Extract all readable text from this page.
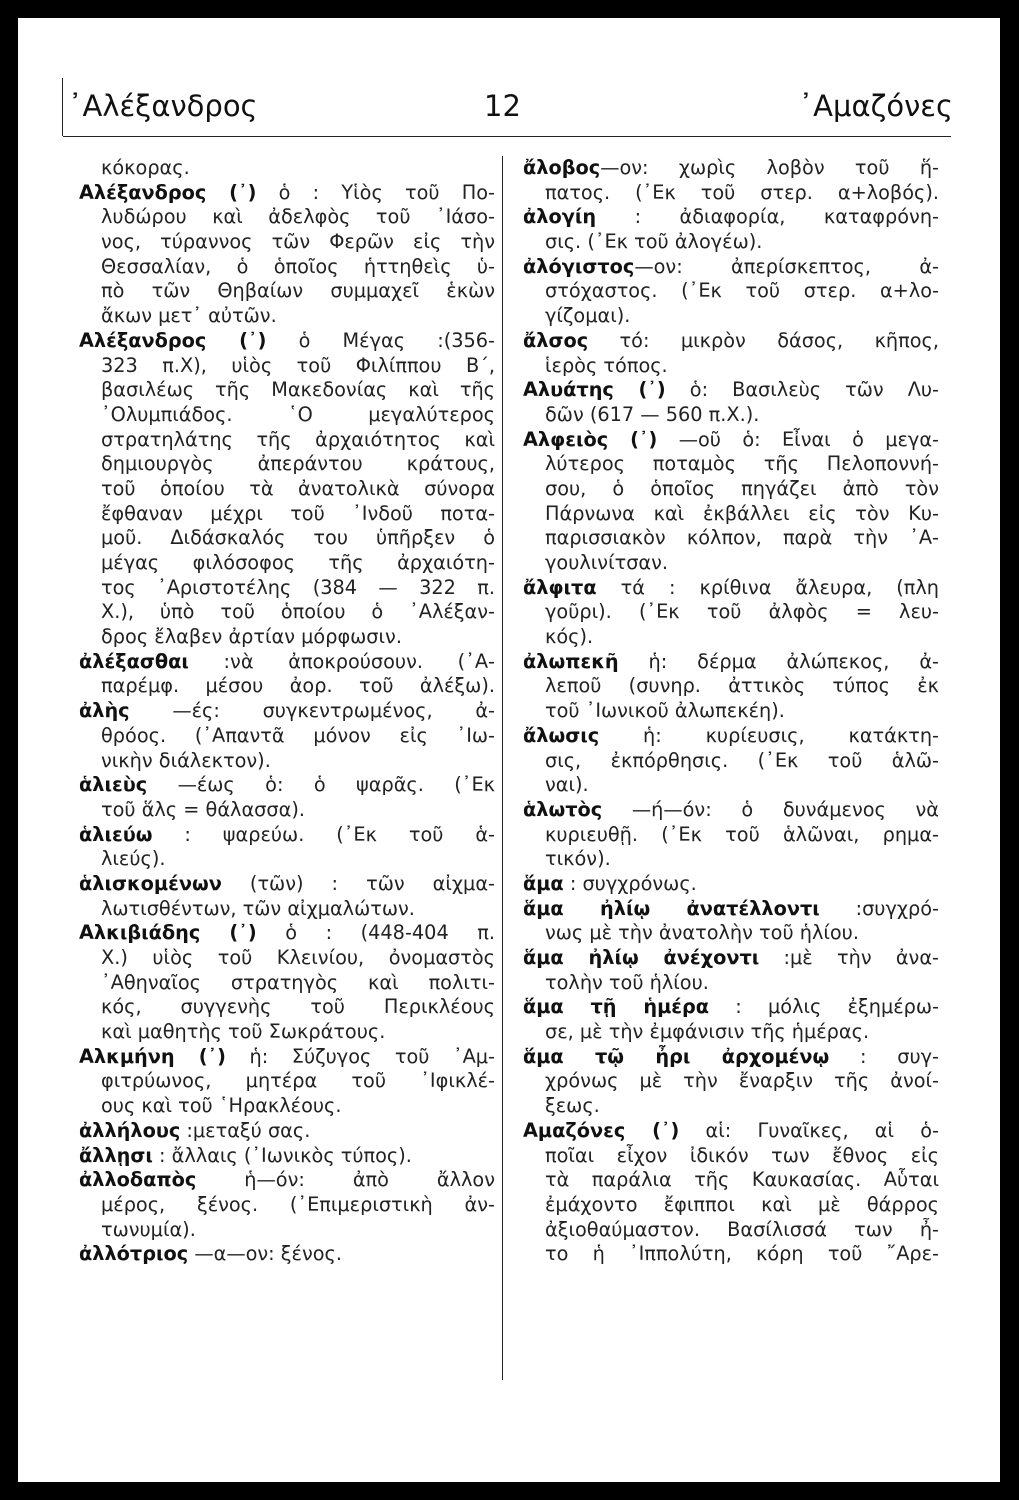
᾿Αλέξανδρος	12	᾿Αμαζόνες
κόκορας.
Αλέξανδρος (᾿) ὁ : Υἱὸς τοῦ Πο-
λυδώρου καὶ ἀδελφὸς τοῦ ᾿Ιάσο-
νος, τύραννος τῶν Φερῶν εἰς τὴν
Θεσσαλίαν, ὁ ὁποῖος ἡττηθεὶς ὑ-
πὸ τῶν Θηβαίων συμμαχεῖ ἑκὼν
ἄκων μετ᾿ αὐτῶν.
Αλέξανδρος (᾿) ὁ Μέγας :(356-
323 π.Χ), υἱὸς τοῦ Φιλίππου Β΄,
βασιλέως τῆς Μακεδονίας καὶ τῆς
᾿Ολυμπιάδος. ῾Ο μεγαλύτερος
στρατηλάτης τῆς ἀρχαιότητος καὶ
δημιουργὸς ἀπεράντου κράτους,
τοῦ ὁποίου τὰ ἀνατολικὰ σύνορα
ἔφθαναν μέχρι τοῦ ᾿Ινδοῦ ποτα-
μοῦ. Διδάσκαλός του ὑπῆρξεν ὁ
μέγας φιλόσοφος τῆς ἀρχαιότη-
τος ᾿Αριστοτέλης (384 — 322 π.
Χ.), ὑπὸ τοῦ ὁποίου ὁ ᾿Αλέξαν-
δρος ἔλαβεν ἀρτίαν μόρφωσιν.
ἀλέξασθαι :νὰ ἀποκρούσουν. (᾿Α-
παρέμφ. μέσου ἀορ. τοῦ ἀλέξω).
ἀλὴς —ές: συγκεντρωμένος, ἀ-
θρόος. (᾿Απαντᾶ μόνον εἰς ᾿Ιω-
νικὴν διάλεκτον).
ἁλιεὺς —έως ὁ: ὁ ψαρᾶς. (᾿Εκ
τοῦ ἅλς = θάλασσα).
ἁλιεύω : ψαρεύω. (᾿Εκ τοῦ ἁ-
λιεύς).
ἁλισκομένων (τῶν) : τῶν αἰχμα-
λωτισθέντων, τῶν αἰχμαλώτων.
Αλκιβιάδης (᾿) ὁ : (448-404 π.
Χ.) υἱὸς τοῦ Κλεινίου, ὀνομαστὸς
᾿Αθηναῖος στρατηγὸς καὶ πολιτι-
κός, συγγενὴς τοῦ Περικλέους
καὶ μαθητὴς τοῦ Σωκράτους.
Αλκμήνη (᾿) ἡ: Σύζυγος τοῦ ᾿Αμ-
φιτρύωνος, μητέρα τοῦ ᾿Ιφικλέ-
ους καὶ τοῦ ῾Ηρακλέους.
ἀλλήλους :μεταξύ σας.
ἄλλῃσι : ἄλλαις (᾿Ιωνικὸς τύπος).
ἀλλοδαπὸς ἡ—όν: ἀπὸ ἄλλον
μέρος, ξένος. (᾿Επιμεριστικὴ ἀν-
τωνυμία).
ἀλλότριος —α—ον: ξένος.
ἄλοβος—ον: χωρὶς λοβὸν τοῦ ἥ-
πατος. (᾿Εκ τοῦ στερ. α+λοβός).
ἀλογίη : ἀδιαφορία, καταφρόνη-
σις. (᾿Εκ τοῦ ἀλογέω).
ἀλόγιστος—ον: ἀπερίσκεπτος, ἀ-
στόχαστος. (᾿Εκ τοῦ στερ. α+λο-
γίζομαι).
ἄλσος τό: μικρὸν δάσος, κῆπος,
ἱερὸς τόπος.
Αλυάτης (᾿) ὁ: Βασιλεὺς τῶν Λυ-
δῶν (617 — 560 π.Χ.).
Αλφειὸς (᾿) —οῦ ὁ: Εἶναι ὁ μεγα-
λύτερος ποταμὸς τῆς Πελοποννή-
σου, ὁ ὁποῖος πηγάζει ἀπὸ τὸν
Πάρνωνα καὶ ἐκβάλλει εἰς τὸν Κυ-
παρισσιακὸν κόλπον, παρὰ τὴν ᾿Α-
γουλινίτσαν.
ἄλφιτα τά : κρίθινα ἄλευρα, (πλη
γοῦρι). (᾿Εκ τοῦ ἀλφὸς = λευ-
κός).
ἀλωπεκῆ ἡ: δέρμα ἀλώπεκος, ἀ-
λεποῦ (συνηρ. ἀττικὸς τύπος ἐκ
τοῦ ᾿Ιωνικοῦ ἀλωπεκέη).
ἄλωσις ἡ: κυρίευσις, κατάκτη-
σις, ἐκπόρθησις. (᾿Εκ τοῦ ἁλῶ-
ναι).
ἁλωτὸς —ή—όν: ὁ δυνάμενος νὰ
κυριευθῇ. (᾿Εκ τοῦ ἁλῶναι, ρημα-
τικόν).
ἅμα : συγχρόνως.
ἅμα ἠλίῳ ἀνατέλλοντι :συγχρό-
νως μὲ τὴν ἀνατολὴν τοῦ ἡλίου.
ἅμα ἠλίῳ ἀνέχοντι :μὲ τὴν ἀνα-
τολὴν τοῦ ἡλίου.
ἅμα τῇ ἡμέρα : μόλις ἐξημέρω-
σε, μὲ τὴν ἐμφάνισιν τῆς ἡμέρας.
ἅμα τῷ ἦρι ἀρχομένῳ : συγ-
χρόνως μὲ τὴν ἔναρξιν τῆς ἀνοί-
ξεως.
Αμαζόνες (᾿) αἱ: Γυναῖκες, αἱ ὁ-
ποῖαι εἶχον ἰδικόν των ἔθνος εἰς
τὰ παράλια τῆς Καυκασίας. Αὗται
ἐμάχοντο ἔφιπποι καὶ μὲ θάρρος
ἀξιοθαύμαστον. Βασίλισσά των ἦ-
το ἡ ᾿Ιππολύτη, κόρη τοῦ ῎Αρε-
